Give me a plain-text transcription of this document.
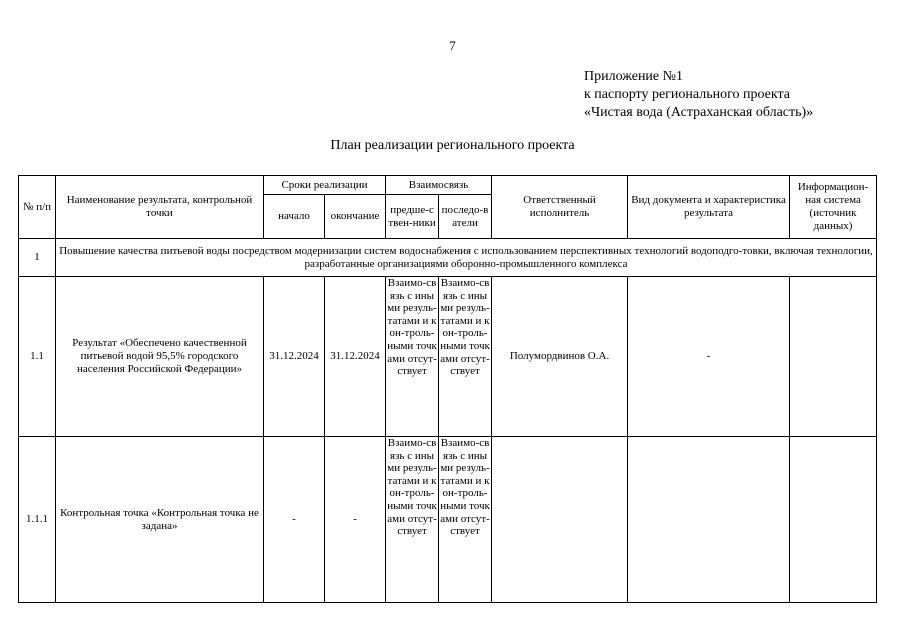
7
Приложение №1
к паспорту регионального проекта
«Чистая вода (Астраханская область)»
План реализации регионального проекта
№ п/п	Наименование результата, контрольной точки	Сроки реализации		Взаимосвязь		Ответственный исполнитель	Вид документа и характеристика результата	Информацион-ная система (источник данных)
		начало	окончание	предше-ствен-ники	последо-ватели			
1	Повышение качества питьевой воды посредством модернизации систем водоснабжения с использованием перспективных технологий водоподго-товки, включая технологии, разработанные организациями оборонно-промышленного комплекса							
1.1	Результат «Обеспечено качественной питьевой водой 95,5% городского населения Российской Федерации»	31.12.2024	31.12.2024	Взаимо-связь с иными резуль-татами и кон-троль-ными точками отсут-ствует	Взаимо-связь с иными резуль-татами и кон-троль-ными точками отсут-ствует	Полумордвинов О.А.	-	
1.1.1	Контрольная точка «Контрольная точка не задана»	-	-	Взаимо-связь с иными резуль-татами и кон-троль-ными точками отсут-ствует	Взаимо-связь с иными резуль-татами и кон-троль-ными точками отсут-ствует			
